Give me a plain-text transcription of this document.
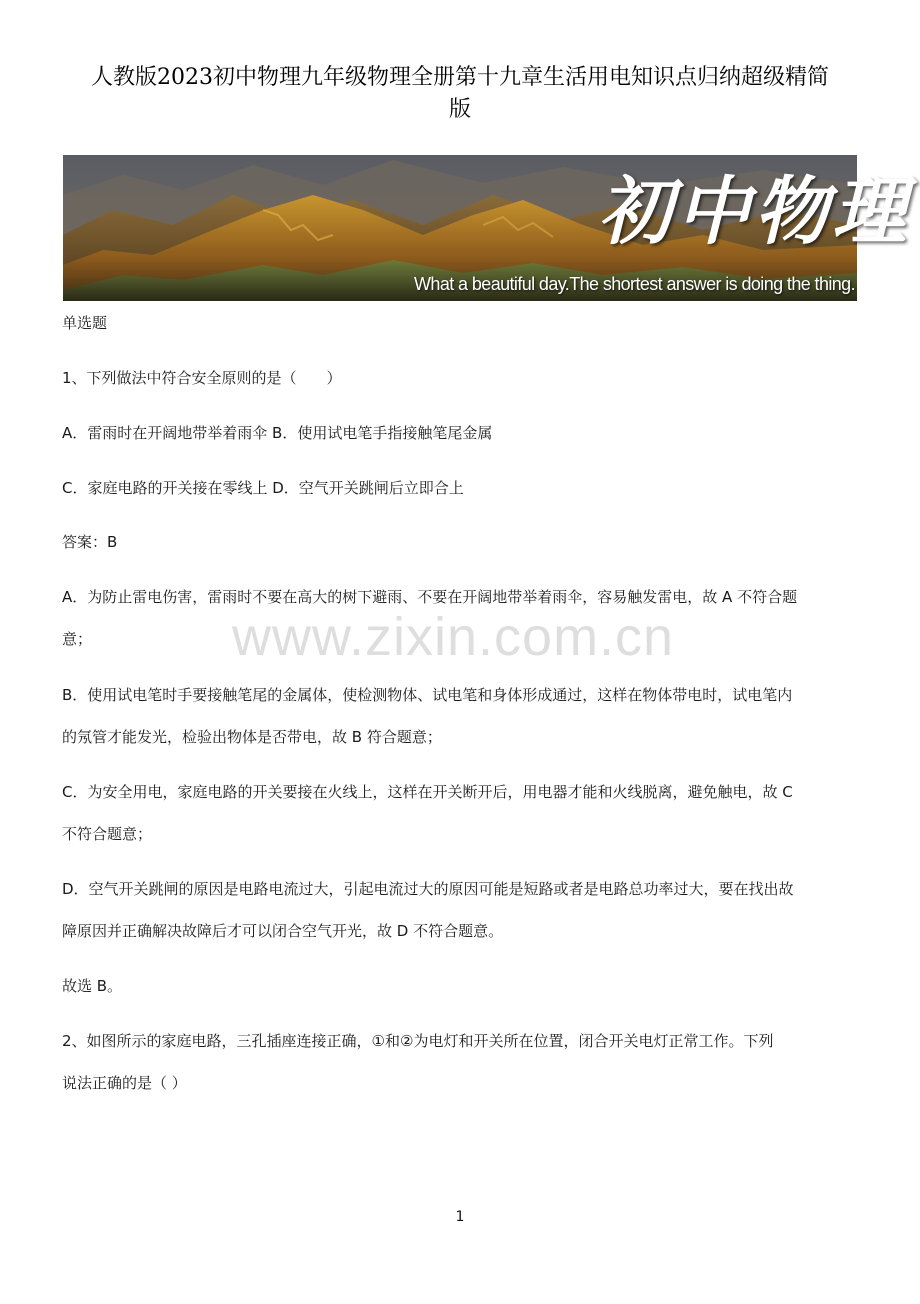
人教版2023初中物理九年级物理全册第十九章生活用电知识点归纳超级精简
版
初中物理
What a beautiful day.The shortest answer is doing the thing.

单选题

1、下列做法中符合安全原则的是（　　）

A．雷雨时在开阔地带举着雨伞 B．使用试电笔手指接触笔尾金属

C．家庭电路的开关接在零线上 D．空气开关跳闸后立即合上

答案：B

A．为防止雷电伤害，雷雨时不要在高大的树下避雨、不要在开阔地带举着雨伞，容易触发雷电，故 A 不符合题

意；

B．使用试电笔时手要接触笔尾的金属体，使检测物体、试电笔和身体形成通过，这样在物体带电时，试电笔内

的氖管才能发光，检验出物体是否带电，故 B 符合题意；

C．为安全用电，家庭电路的开关要接在火线上，这样在开关断开后，用电器才能和火线脱离，避免触电，故 C

不符合题意；

D．空气开关跳闸的原因是电路电流过大，引起电流过大的原因可能是短路或者是电路总功率过大，要在找出故

障原因并正确解决故障后才可以闭合空气开光，故 D 不符合题意。

故选 B。

2、如图所示的家庭电路，三孔插座连接正确，①和②为电灯和开关所在位置，闭合开关电灯正常工作。下列

说法正确的是（ ）

www.zixin.com.cn
1
